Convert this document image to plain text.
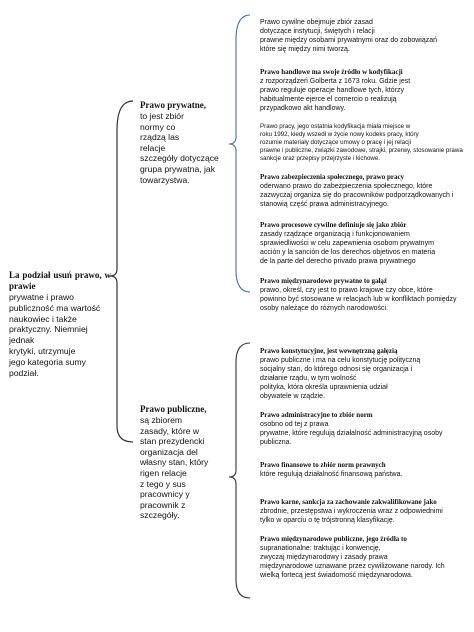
La podział usuń prawo, w prawie
prywatne i prawo
publiczność ma wartość
naukowiec i także
praktyczny. Niemniej jednak
krytyki, utrzymuje
jego kategoria sumy
podział.
Prawo prywatne,
to jest zbiór
normy co
rządzą las
relacje
szczegóły dotyczące
grupa prywatna, jak
towarzystwa.
Prawo cywilne obejmuje zbiór zasad
dotyczące instytucji, świętych i relacji
prawne między osobami prywatnymi oraz do zobowiązań
które się między nimi tworzą.
Prawo handlowe ma swoje źródło w kodyfikacji
z rozporządzeń Golberta z 1673 roku. Gdzie jest
prawo reguluje operacje handlowe tych, którzy
habitualmente ejerce el comercio o realizują
przypadkowo akt handlowy.
Prawo pracy, jego ostatnia kodyfikacja miała miejsce w
roku 1992, kiedy wszedł w życie nowy kodeks pracy, który
rozumie materiały dotyczące umowy o pracę i jej relacji
prawne i publiczne, związki zawodowe, strajki, przerwy, stosowanie prawa
sankcje oraz przepisy przejrzyste i kichowe.
Prawo zabezpieczenia społecznego, prawo pracy
oderwano prawo do zabezpieczenia społecznego, które
zazwyczaj organiza się do pracowników podporządkowanych i
stanowią część prawa administracyjnego.
Prawo procesowe cywilne definiuje się jako zbiór
zasady rządzące organizacją i funkcjonowaniem
sprawiedliwości w celu zapewnienia osobom prywatnym
acción y la sanción de los derechos objetivos en materia
de la parte del derecho privado prawa prywatnego
Prawo międzynarodowe prywatne to gałąź
prawo, określ, czy jest to prawo krajowe czy obce, które
powinno być stosowane w relacjach lub w konfliktach pomiędzy
osoby należące do różnych narodowości.
Prawo publiczne,
są zbiorem
zasady, które w
stan prezydencki
organizacja del
własny stan, który
rigen relacje
z tego y sus
pracownicy y
pracownik z
szczegóły.
Prawo konstytucyjne, jest wewnętrzną gałęzią
prawo publiczne i ma na celu konstytucję polityczną
socjalny stan, do którego odnosi się organizacja i
działanie rządu, w tym wolność
polityka, która określa uprawnienia udział
obywatele w rządzie.
Prawo administracyjne to zbiór norm
osobno od tej z prawa
prywatne, które regulują działalność administracyjną osoby
publiczna.
Prawo finansowe to zbiór norm prawnych
które regulują działalność finansową państwa.
Prawo karne, sankcja za zachowanie zakwalifikowane jako
zbrodnie, przestępstwa i wykroczenia wraz z odpowiednimi
tylko w oparciu o tę trójstronną klasyfikację.
Prawo międzynarodowe publiczne, jego źródła to
supranationalne: traktując i konwencję,
zwyczaj międzynarodowy i zasady prawa
międzynarodowe uznawane przez cywilizowane narody. Ich
wielką fortecą jest świadomość międzynarodowa.
